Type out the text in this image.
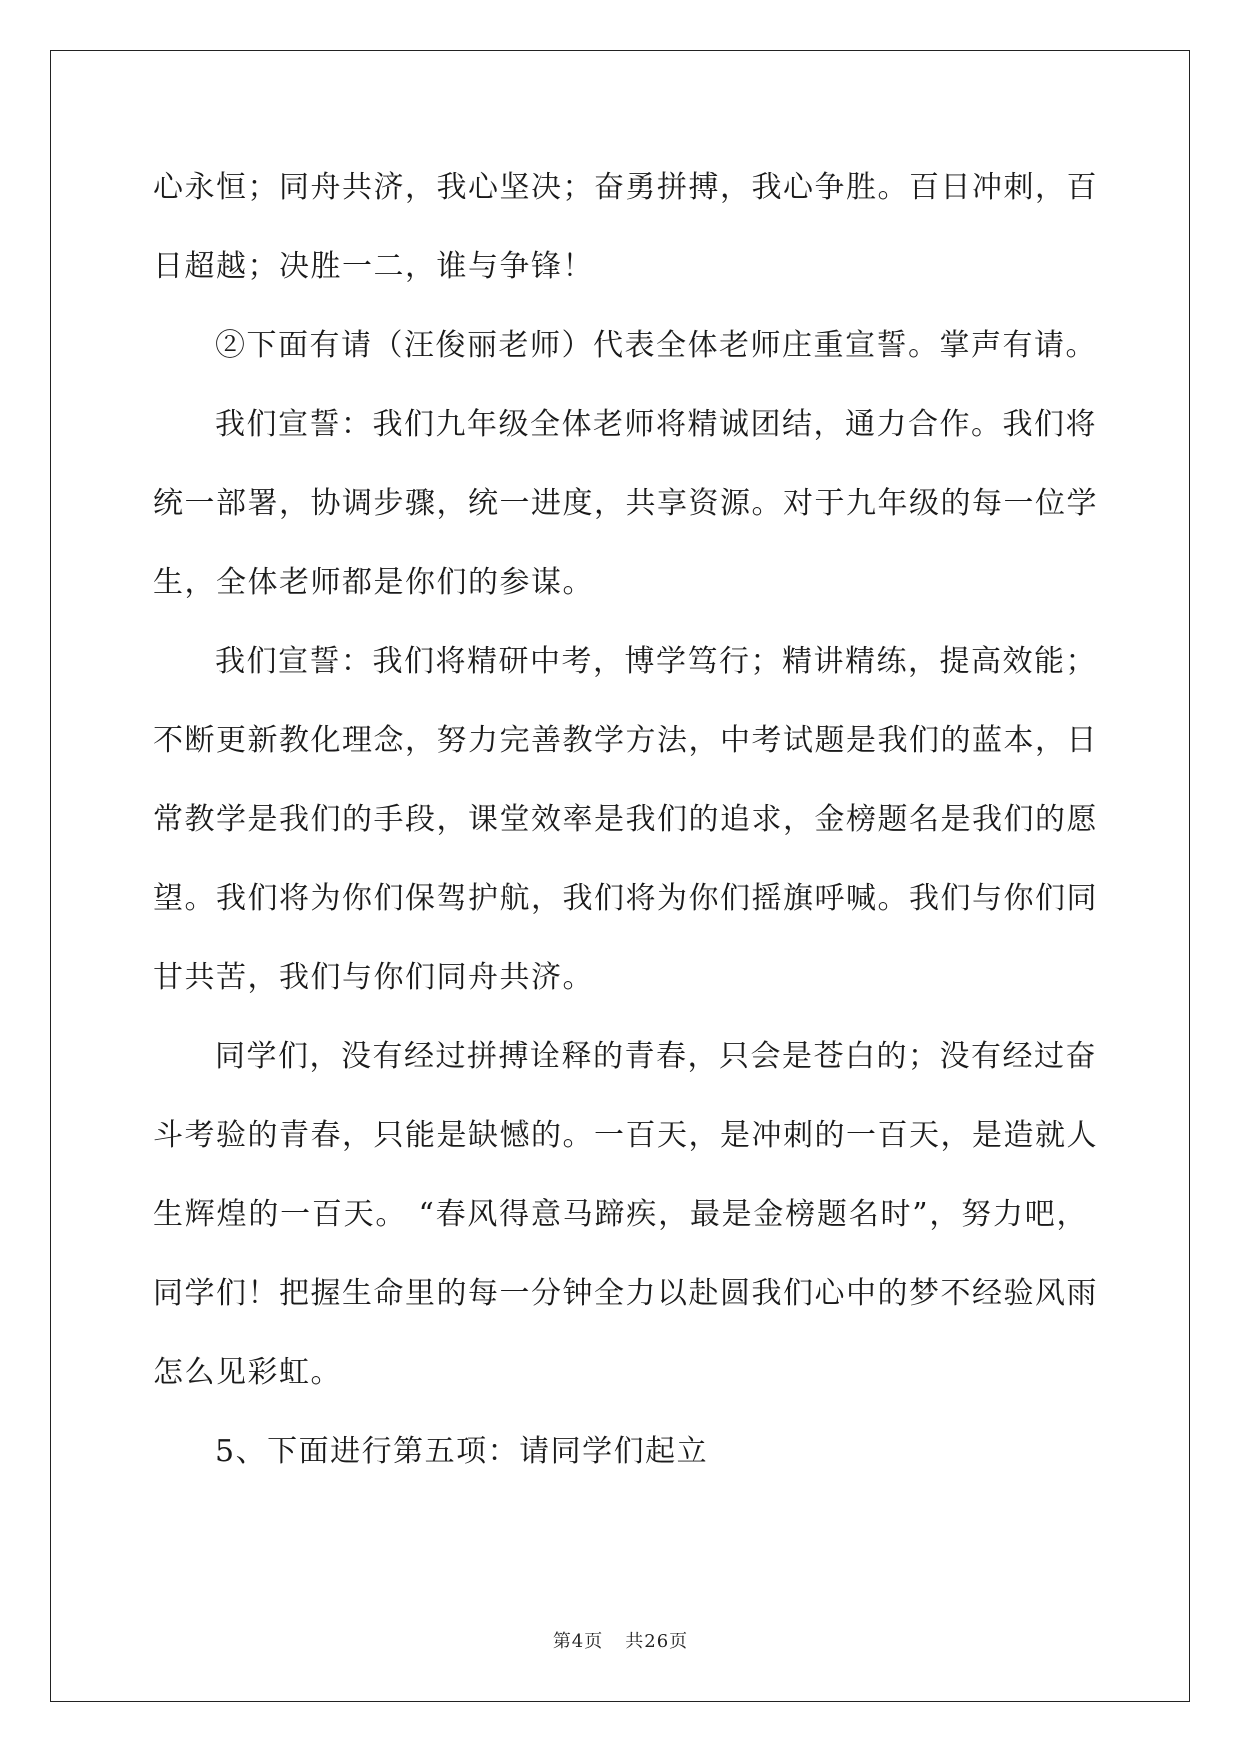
心永恒；同舟共济，我心坚决；奋勇拼搏，我心争胜。百日冲刺，百
日超越；决胜一二，谁与争锋！
②下面有请（汪俊丽老师）代表全体老师庄重宣誓。掌声有请。
我们宣誓：我们九年级全体老师将精诚团结，通力合作。我们将
统一部署，协调步骤，统一进度，共享资源。对于九年级的每一位学
生，全体老师都是你们的参谋。
我们宣誓：我们将精研中考，博学笃行；精讲精练，提高效能；
不断更新教化理念，努力完善教学方法，中考试题是我们的蓝本，日
常教学是我们的手段，课堂效率是我们的追求，金榜题名是我们的愿
望。我们将为你们保驾护航，我们将为你们摇旗呼喊。我们与你们同
甘共苦，我们与你们同舟共济。
同学们，没有经过拼搏诠释的青春，只会是苍白的；没有经过奋
斗考验的青春，只能是缺憾的。一百天，是冲刺的一百天，是造就人
生辉煌的一百天。 “春风得意马蹄疾，最是金榜题名时”，努力吧，
同学们！把握生命里的每一分钟全力以赴圆我们心中的梦不经验风雨
怎么见彩虹。
5、下面进行第五项：请同学们起立
第4页 共26页
